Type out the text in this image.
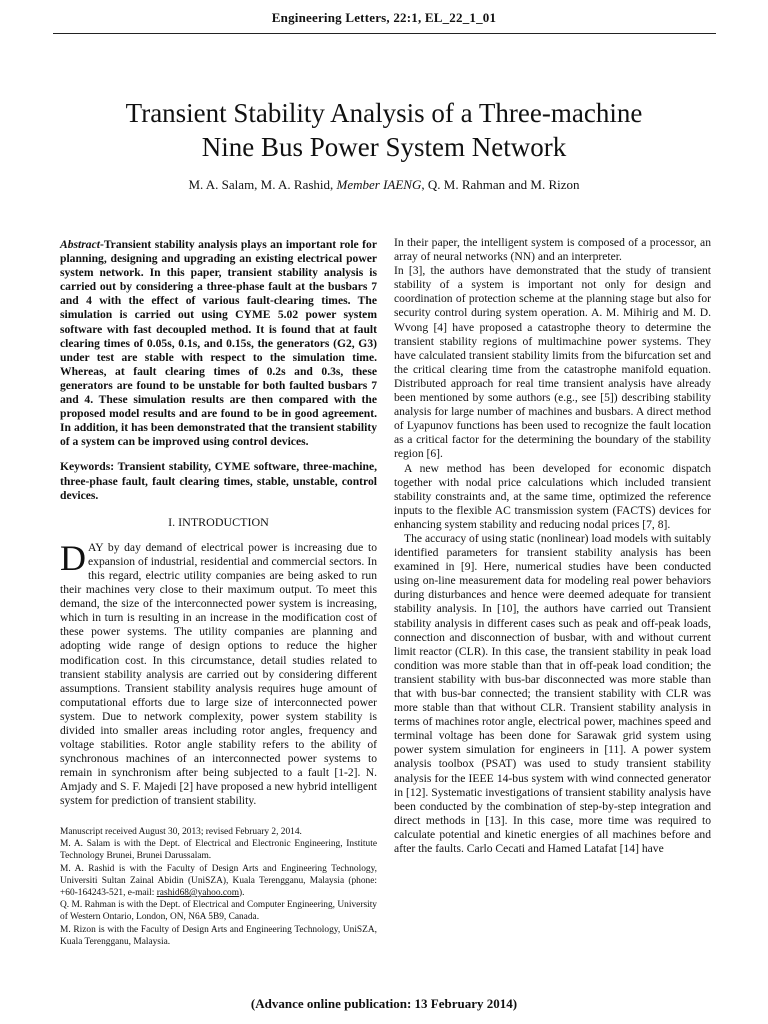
Engineering Letters, 22:1, EL_22_1_01
Transient Stability Analysis of a Three-machine
Nine Bus Power System Network
M. A. Salam, M. A. Rashid, Member IAENG, Q. M. Rahman and M. Rizon

Abstract-Transient stability analysis plays an important role for planning, designing and upgrading an existing electrical power system network. In this paper, transient stability analysis is carried out by considering a three-phase fault at the busbars 7 and 4 with the effect of various fault-clearing times. The simulation is carried out using CYME 5.02 power system software with fast decoupled method. It is found that at fault clearing times of 0.05s, 0.1s, and 0.15s, the generators (G2, G3) under test are stable with respect to the simulation time. Whereas, at fault clearing times of 0.2s and 0.3s, these generators are found to be unstable for both faulted busbars 7 and 4. These simulation results are then compared with the proposed model results and are found to be in good agreement. In addition, it has been demonstrated that the transient stability of a system can be improved using control devices.

Keywords: Transient stability, CYME software, three-machine, three-phase fault, fault clearing times, stable, unstable, control devices.

I. INTRODUCTION

DAY by day demand of electrical power is increasing due to expansion of industrial, residential and commercial sectors. In this regard, electric utility companies are being asked to run their machines very close to their maximum output. To meet this demand, the size of the interconnected power system is increasing, which in turn is resulting in an increase in the modification cost of these power systems. The utility companies are planning and adopting wide range of design options to reduce the higher modification cost. In this circumstance, detail studies related to transient stability analysis are carried out by considering different assumptions. Transient stability analysis requires huge amount of computational efforts due to large size of interconnected power system. Due to network complexity, power system stability is divided into smaller areas including rotor angles, frequency and voltage stabilities. Rotor angle stability refers to the ability of synchronous machines of an interconnected power systems to remain in synchronism after being subjected to a fault [1-2]. N. Amjady and S. F. Majedi [2] have proposed a new hybrid intelligent system for prediction of transient stability.

Manuscript received August 30, 2013; revised February 2, 2014.

M. A. Salam is with the Dept. of Electrical and Electronic Engineering, Institute Technology Brunei, Brunei Darussalam.

M. A. Rashid is with the Faculty of Design Arts and Engineering Technology, Universiti Sultan Zainal Abidin (UniSZA), Kuala Terengganu, Malaysia (phone: +60-164243-521, e-mail: rashid68@yahoo.com).

Q. M. Rahman is with the Dept. of Electrical and Computer Engineering, University of Western Ontario, London, ON, N6A 5B9, Canada.

M. Rizon is with the Faculty of Design Arts and Engineering Technology, UniSZA, Kuala Terengganu, Malaysia.

In their paper, the intelligent system is composed of a processor, an array of neural networks (NN) and an interpreter.

In [3], the authors have demonstrated that the study of transient stability of a system is important not only for design and coordination of protection scheme at the planning stage but also for security control during system operation. A. M. Mihirig and M. D. Wvong [4] have proposed a catastrophe theory to determine the transient stability regions of multimachine power systems. They have calculated transient stability limits from the bifurcation set and the critical clearing time from the catastrophe manifold equation. Distributed approach for real time transient analysis have already been mentioned by some authors (e.g., see [5]) describing stability analysis for large number of machines and busbars. A direct method of Lyapunov functions has been used to recognize the fault location as a critical factor for the determining the boundary of the stability region [6].

A new method has been developed for economic dispatch together with nodal price calculations which included transient stability constraints and, at the same time, optimized the reference inputs to the flexible AC transmission system (FACTS) devices for enhancing system stability and reducing nodal prices [7, 8].

The accuracy of using static (nonlinear) load models with suitably identified parameters for transient stability analysis has been examined in [9]. Here, numerical studies have been conducted using on-line measurement data for modeling real power behaviors during disturbances and hence were deemed adequate for transient stability analysis. In [10], the authors have carried out Transient stability analysis in different cases such as peak and off-peak loads, connection and disconnection of busbar, with and without current limit reactor (CLR). In this case, the transient stability in peak load condition was more stable than that in off-peak load condition; the transient stability with bus-bar disconnected was more stable than that with bus-bar connected; the transient stability with CLR was more stable than that without CLR. Transient stability analysis in terms of machines rotor angle, electrical power, machines speed and terminal voltage has been done for Sarawak grid system using power system simulation for engineers in [11]. A power system analysis toolbox (PSAT) was used to study transient stability analysis for the IEEE 14-bus system with wind connected generator in [12]. Systematic investigations of transient stability analysis have been conducted by the combination of step-by-step integration and direct methods in [13]. In this case, more time was required to calculate potential and kinetic energies of all machines before and after the faults. Carlo Cecati and Hamed Latafat [14] have

(Advance online publication: 13 February 2014)
